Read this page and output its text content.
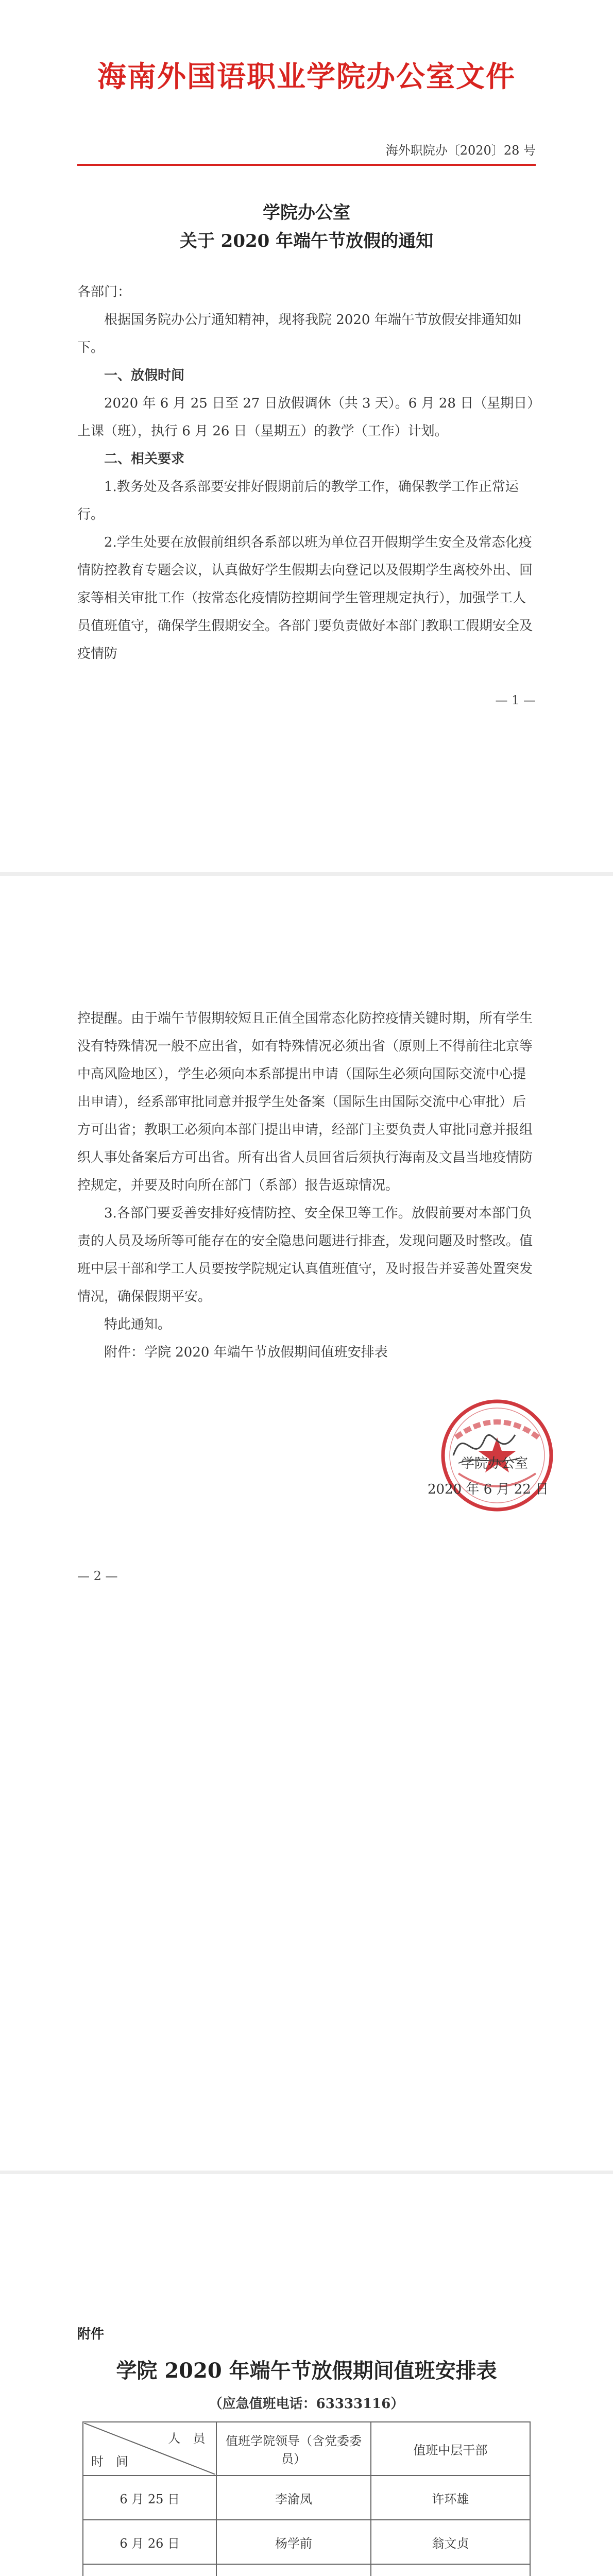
海南外国语职业学院办公室文件
海外职院办〔2020〕28 号
学院办公室
关于 2020 年端午节放假的通知

各部门：

根据国务院办公厅通知精神，现将我院 2020 年端午节放假安排通知如下。

一、放假时间

2020 年 6 月 25 日至 27 日放假调休（共 3 天）。6 月 28 日（星期日）上课（班），执行 6 月 26 日（星期五）的教学（工作）计划。

二、相关要求

1.教务处及各系部要安排好假期前后的教学工作，确保教学工作正常运行。

2.学生处要在放假前组织各系部以班为单位召开假期学生安全及常态化疫情防控教育专题会议，认真做好学生假期去向登记以及假期学生离校外出、回家等相关审批工作（按常态化疫情防控期间学生管理规定执行），加强学工人员值班值守，确保学生假期安全。各部门要负责做好本部门教职工假期安全及疫情防

— 1 —

控提醒。由于端午节假期较短且正值全国常态化防控疫情关键时期，所有学生没有特殊情况一般不应出省，如有特殊情况必须出省（原则上不得前往北京等中高风险地区），学生必须向本系部提出申请（国际生必须向国际交流中心提出申请），经系部审批同意并报学生处备案（国际生由国际交流中心审批）后方可出省；教职工必须向本部门提出申请，经部门主要负责人审批同意并报组织人事处备案后方可出省。所有出省人员回省后须执行海南及文昌当地疫情防控规定，并要及时向所在部门（系部）报告返琼情况。

3.各部门要妥善安排好疫情防控、安全保卫等工作。放假前要对本部门负责的人员及场所等可能存在的安全隐患问题进行排查，发现问题及时整改。值班中层干部和学工人员要按学院规定认真值班值守，及时报告并妥善处置突发情况，确保假期平安。

特此通知。

附件：学院 2020 年端午节放假期间值班安排表

学院办公室
2020 年 6 月 22 日
— 2 —
附件
学院 2020 年端午节放假期间值班安排表
（应急值班电话：63333116）
人　员
时　间	值班学院领导（含党委委员）	值班中层干部
6 月 25 日	李渝凤	许环雄
6 月 26 日	杨学前	翁文贞
